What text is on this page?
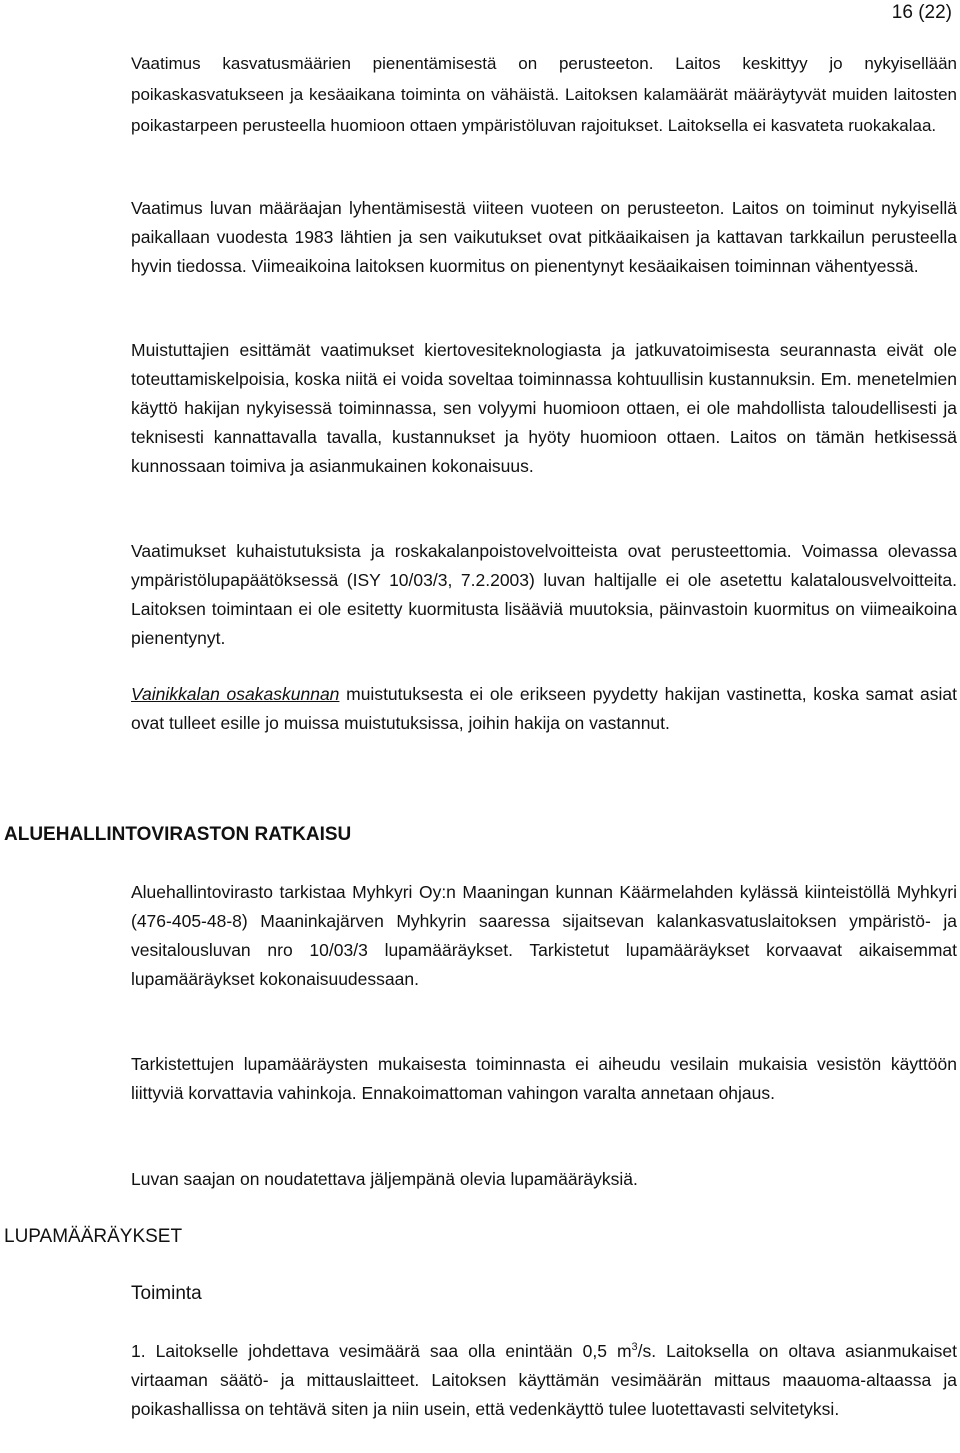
16 (22)

Vaatimus kasvatusmäärien pienentämisestä on perusteeton. Laitos keskittyy jo nykyisellään poikaskasvatukseen ja kesäaikana toiminta on vähäistä. Laitoksen kalamäärät määräytyvät muiden laitosten poikastarpeen perusteella huomioon ottaen ympäristöluvan rajoitukset. Laitoksella ei kasvateta ruokakalaa.

Vaatimus luvan määräajan lyhentämisestä viiteen vuoteen on perusteeton. Laitos on toiminut nykyisellä paikallaan vuodesta 1983 lähtien ja sen vaikutukset ovat pitkäaikaisen ja kattavan tarkkailun perusteella hyvin tiedossa. Viimeaikoina laitoksen kuormitus on pienentynyt kesäaikaisen toiminnan vähentyessä.

Muistuttajien esittämät vaatimukset kiertovesiteknologiasta ja jatkuvatoimisesta seurannasta eivät ole toteuttamiskelpoisia, koska niitä ei voida soveltaa toiminnassa kohtuullisin kustannuksin. Em. menetelmien käyttö hakijan nykyisessä toiminnassa, sen volyymi huomioon ottaen, ei ole mahdollista taloudellisesti ja teknisesti kannattavalla tavalla, kustannukset ja hyöty huomioon ottaen. Laitos on tämän hetkisessä kunnossaan toimiva ja asianmukainen kokonaisuus.

Vaatimukset kuhaistutuksista ja roskakalanpoistovelvoitteista ovat perusteettomia. Voimassa olevassa ympäristölupapäätöksessä (ISY 10/03/3, 7.2.2003) luvan haltijalle ei ole asetettu kalatalousvelvoitteita. Laitoksen toimintaan ei ole esitetty kuormitusta lisääviä muutoksia, päinvastoin kuormitus on viimeaikoina pienentynyt.

Vainikkalan osakaskunnan muistutuksesta ei ole erikseen pyydetty hakijan vastinetta, koska samat asiat ovat tulleet esille jo muissa muistutuksissa, joihin hakija on vastannut.

ALUEHALLINTOVIRASTON RATKAISU

Aluehallintovirasto tarkistaa Myhkyri Oy:n Maaningan kunnan Käärmelahden kylässä kiinteistöllä Myhkyri (476-405-48-8) Maaninkajärven Myhkyrin saaressa sijaitsevan kalankasvatuslaitoksen ympäristö- ja vesitalousluvan nro 10/03/3 lupamääräykset. Tarkistetut lupamääräykset korvaavat aikaisemmat lupamääräykset kokonaisuudessaan.

Tarkistettujen lupamääräysten mukaisesta toiminnasta ei aiheudu vesilain mukaisia vesistön käyttöön liittyviä korvattavia vahinkoja. Ennakoimattoman vahingon varalta annetaan ohjaus.

Luvan saajan on noudatettava jäljempänä olevia lupamääräyksiä.

LUPAMÄÄRÄYKSET
Toiminta

1. Laitokselle johdettava vesimäärä saa olla enintään 0,5 $m^3/s$. Laitoksella on oltava asianmukaiset virtaaman säätö- ja mittauslaitteet. Laitoksen käyttämän vesimäärän mittaus maauoma-altaassa ja poikashallissa on tehtävä siten ja niin usein, että vedenkäyttö tulee luotettavasti selvitetyksi.
